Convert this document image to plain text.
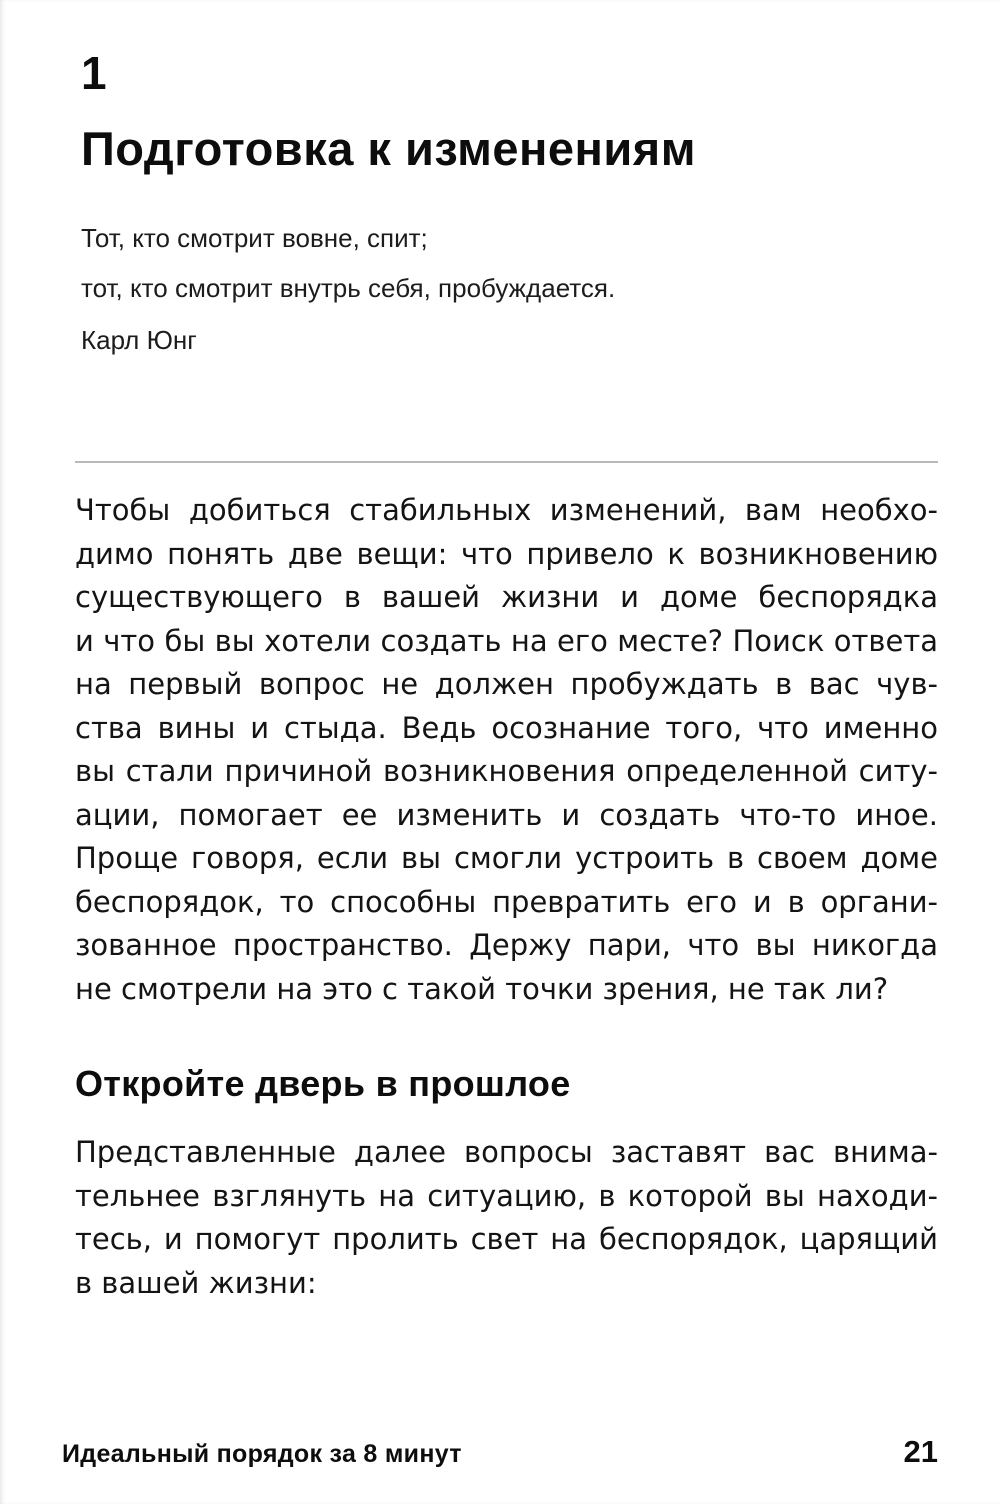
1
Подготовка к изменениям
Тот, кто смотрит вовне, спит;
тот, кто смотрит внутрь себя, пробуждается.
Карл Юнг
Чтобы добиться стабильных изменений, вам необхо-
димо понять две вещи: что привело к возникновению
существующего в вашей жизни и доме беспорядка
и что бы вы хотели создать на его месте? Поиск ответа
на первый вопрос не должен пробуждать в вас чув-
ства вины и стыда. Ведь осознание того, что именно
вы стали причиной возникновения определенной ситу-
ации, помогает ее изменить и создать что-то иное.
Проще говоря, если вы смогли устроить в своем доме
беспорядок, то способны превратить его и в органи-
зованное пространство. Держу пари, что вы никогда
не смотрели на это с такой точки зрения, не так ли?
Откройте дверь в прошлое
Представленные далее вопросы заставят вас внима-
тельнее взглянуть на ситуацию, в которой вы находи-
тесь, и помогут пролить свет на беспорядок, царящий
в вашей жизни:
Идеальный порядок за 8 минут	21
